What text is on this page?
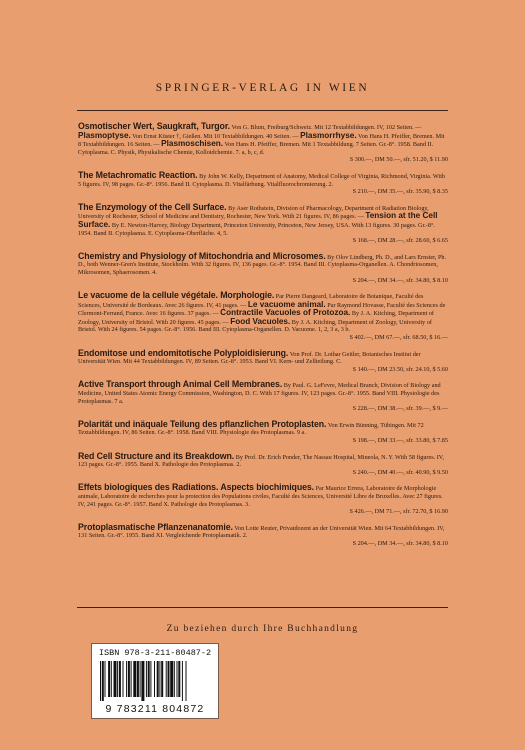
SPRINGER-VERLAG IN WIEN
Osmotischer Wert, Saugkraft, Turgor. Von G. Blum, Freiburg/Schweiz. Mit 12 Textabbildungen. IV, 102 Seiten. — Plasmoptyse. Von Ernst Küster †, Gießen. Mit 10 Textabbildungen. 40 Seiten. — Plasmorrhyse. Von Hans H. Pfeiffer, Bremen. Mit 8 Textabbildungen. 16 Seiten. — Plasmoschisen. Von Hans H. Pfeiffer, Bremen. Mit 1 Textabbildung. 7 Seiten. Gr.-8°. 1958. Band II. Cytoplasma. C. Physik, Physikalische Chemie, Kolloidchemie. 7. a, b, c, d.
S 300.—, DM 50.—, sfr. 51.20, $ 11.90
The Metachromatic Reaction. By John W. Kelly, Department of Anatomy, Medical College of Virginia, Richmond, Virginia. With 5 figures. IV, 98 pages. Gr.-8°. 1956. Band II. Cytoplasma. D. Vitalfärbung. Vitalfluorochromierung. 2.
S 210.—, DM 35.—, sfr. 35.90, $ 8.35
The Enzymology of the Cell Surface. By Aser Rothstein, Division of Pharmacology, Department of Radiation Biology, University of Rochester, School of Medicine and Dentistry, Rochester, New York. With 21 figures. IV, 86 pages. — Tension at the Cell Surface. By E. Newton-Harvey, Biology Department, Princeton University, Princeton, New Jersey, USA. With 13 figures. 30 pages. Gr.-8°. 1954. Band II. Cytoplasma. E. Cytoplasma-Oberfläche. 4, 5.
S 168.—, DM 28.—, sfr. 28.60, $ 6.65
Chemistry and Physiology of Mitochondria and Microsomes. By Olov Lindberg, Ph. D., and Lars Ernster, Ph. D., both Wenner-Gren's Institute, Stockholm. With 32 figures. IV, 136 pages. Gr.-8°. 1954. Band III. Cytoplasma-Organellen. A. Chondriosomen, Mikrosomen, Sphaerosomen. 4.
S 204.—, DM 34.—, sfr. 34.80, $ 8.10
Le vacuome de la cellule végétale. Morphologie. Par Pierre Dangeard, Laboratoire de Botanique, Faculté des Sciences, Université de Bordeaux. Avec 26 figures. IV, 41 pages. — Le vacuome animal. Par Raymond Hovasse, Faculté des Sciences de Clermont-Ferrand, France. Avec 16 figures. 37 pages. — Contractile Vacuoles of Protozoa. By J. A. Kitching, Department of Zoology, University of Bristol. With 20 figures. 45 pages. — Food Vacuoles. By J. A. Kitching, Department of Zoology, University of Bristol. With 24 figures. 54 pages. Gr.-8°. 1956. Band III. Cytoplasma-Organellen. D. Vacuome. 1, 2, 3 a, 3 b.
S 402.—, DM 67.—, sfr. 68.50, $ 16.—
Endomitose und endomitotische Polyploidisierung. Von Prof. Dr. Lothar Geitler, Botanisches Institut der Universität Wien. Mit 44 Textabbildungen. IV, 89 Seiten. Gr.-8°. 1953. Band VI. Kern- und Zellteilung. C.
S 140.—, DM 23.50, sfr. 24.10, $ 5.60
Active Transport through Animal Cell Membranes. By Paul. G. LeFevre, Medical Branch, Division of Biology and Medicine, United States Atomic Energy Commission, Washington, D. C. With 17 figures. IV, 123 pages. Gr.-8°. 1955. Band VIII. Physiologie des Protoplasmas. 7 a.
S 228.—, DM 38.—, sfr. 39.—, $ 9.—
Polarität und inäquale Teilung des pflanzlichen Protoplasten. Von Erwin Bünning, Tübingen. Mit 72 Textabbildungen. IV, 86 Seiten. Gr.-8°. 1958. Band VIII. Physiologie des Protoplasmas. 9 a.
S 198.—, DM 33.—, sfr. 33.80, $ 7.85
Red Cell Structure and its Breakdown. By Prof. Dr. Erich Ponder, The Nassau Hospital, Mineola, N. Y. With 58 figures. IV, 123 pages. Gr.-8°. 1955. Band X. Pathologie des Protoplasmas. 2.
S 240.—, DM 40.—, sfr. 40.90, $ 9.50
Effets biologiques des Radiations. Aspects biochimiques. Par Maurice Errera, Laboratoire de Morphologie animale, Laboratoire de recherches pour la protection des Populations civiles, Faculté des Sciences, Université Libre de Bruxelles. Avec 27 figures. IV, 241 pages. Gr.-8°. 1957. Band X. Pathologie des Protoplasmas. 3.
S 426.—, DM 71.—, sfr. 72.70, $ 16.90
Protoplasmatische Pflanzenanatomie. Von Lotte Reuter, Privatdozent an der Universität Wien. Mit 64 Textabbildungen. IV, 131 Seiten. Gr.-8°. 1955. Band XI. Vergleichende Protoplasmatik. 2.
S 204.—, DM 34.—, sfr. 34.80, $ 8.10
Zu beziehen durch Ihre Buchhandlung
ISBN 978-3-211-80487-2
9 783211 804872
